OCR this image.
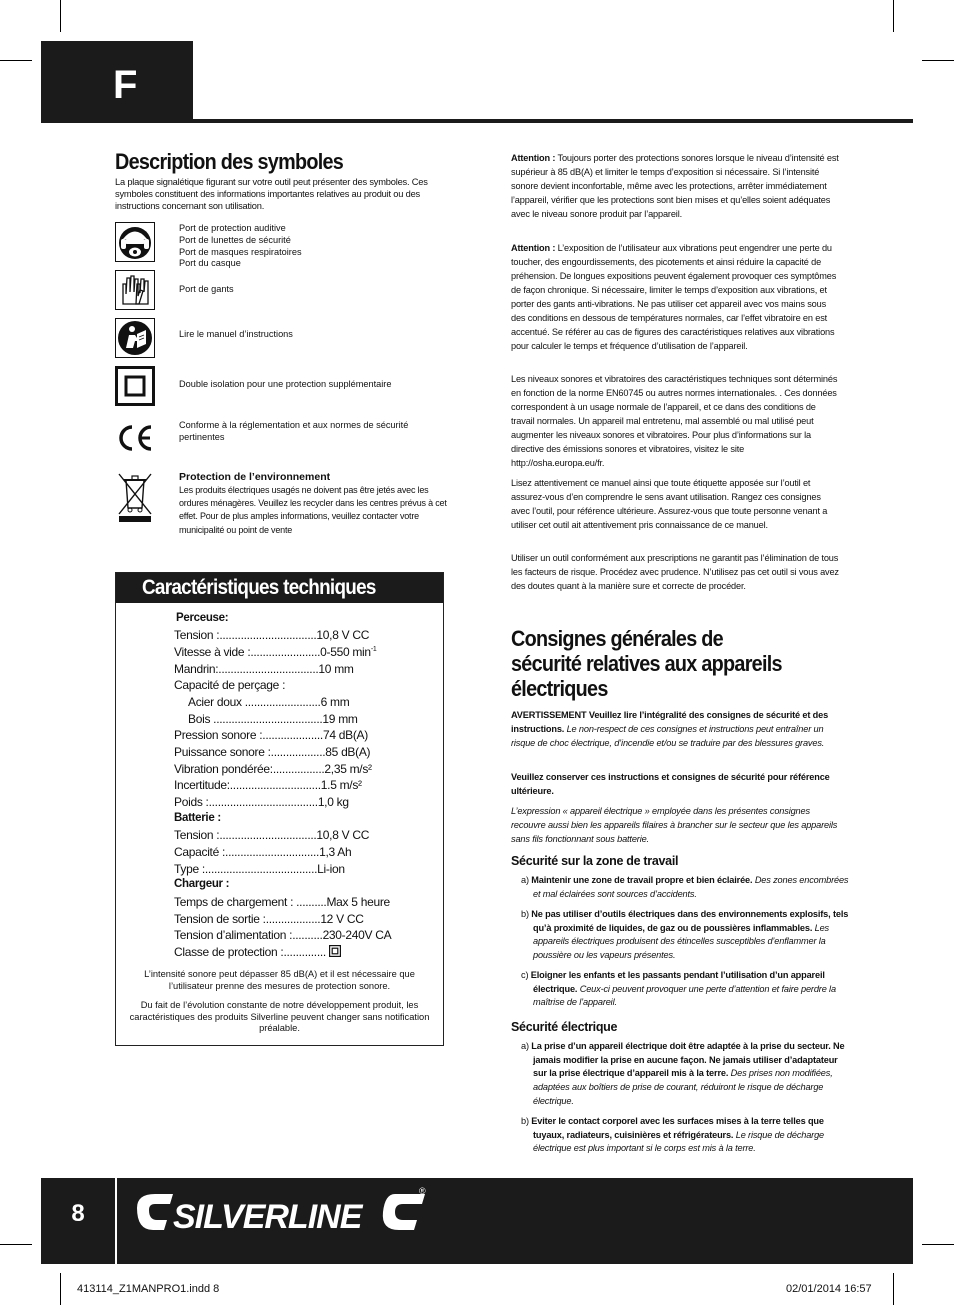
F
Description des symboles
La plaque signalétique figurant sur votre outil peut présenter des symboles. Ces symboles constituent des informations importantes relatives au produit ou des instructions concernant son utilisation.
Port de protection auditive
Port de lunettes de sécurité
Port de masques respiratoires
Port du casque
Port de gants
Lire le manuel d’instructions
Double isolation pour une protection supplémentaire
Conforme à la réglementation et aux normes de sécurité pertinentes
Protection de l’environnement
Les produits électriques usagés ne doivent pas être jetés avec les ordures ménagères. Veuillez les recycler dans les centres prévus à cet effet. Pour de plus amples informations, veuillez contacter votre municipalité ou point de vente
Caractéristiques techniques
Perceuse:
Tension :................................10,8 V CC
Vitesse à vide :.......................0-550 $\min^{-1}$
Mandrin:.................................10 mm
Capacité de perçage :
Acier doux .........................6 mm
Bois ....................................19 mm
Pression sonore :....................74 dB(A)
Puissance sonore :..................85 dB(A)
Vibration pondérée:.................2,35 m/s²
Incertitude:..............................1.5 m/s²
Poids :....................................1,0 kg
Batterie :
Tension :................................10,8 V CC
Capacité :...............................1,3 Ah
Type :.....................................Li-ion
Chargeur :
Temps de chargement : ..........Max 5 heure
Tension de sortie :..................12 V CC
Tension d’alimentation :..........230-240V CA
Classe de protection :..............
L’intensité sonore peut dépasser 85 dB(A) et il est nécessaire que l’utilisateur prenne des mesures de protection sonore.
Du fait de l’évolution constante de notre développement produit, les caractéristiques des produits Silverline peuvent changer sans notification préalable.
Attention : Toujours porter des protections sonores lorsque le niveau d’intensité est supérieur à 85 dB(A) et limiter le temps d’exposition si nécessaire. Si l’intensité sonore devient inconfortable, même avec les protections, arrêter immédiatement l’appareil, vérifier que les protections sont bien mises et qu’elles soient adéquates avec le niveau sonore produit par l’appareil.
Attention : L’exposition de l’utilisateur aux vibrations peut engendrer une perte du toucher, des engourdissements, des picotements et ainsi réduire la capacité de préhension. De longues expositions peuvent également provoquer ces symptômes de façon chronique. Si nécessaire, limiter le temps d’exposition aux vibrations, et porter des gants anti-vibrations. Ne pas utiliser cet appareil avec vos mains sous des conditions en dessous de températures normales, car l’effet vibratoire en est accentué. Se référer au cas de figures des caractéristiques relatives aux vibrations pour calculer le temps et fréquence d’utilisation de l’appareil.
Les niveaux sonores et vibratoires des caractéristiques techniques sont déterminés en fonction de la norme EN60745 ou autres normes internationales. . Ces données correspondent à un usage normale de l’appareil, et ce dans des conditions de travail normales. Un appareil mal entretenu, mal assemblé ou mal utilisé peut augmenter les niveaux sonores et vibratoires. Pour plus d’informations sur la directive des émissions sonores et vibratoires, visitez le site http://osha.europa.eu/fr.
Lisez attentivement ce manuel ainsi que toute étiquette apposée sur l’outil et assurez-vous d’en comprendre le sens avant utilisation. Rangez ces consignes avec l’outil, pour référence ultérieure. Assurez-vous que toute personne venant a utiliser cet outil ait attentivement pris connaissance de ce manuel.
Utiliser un outil conformément aux prescriptions ne garantit pas l’élimination de tous les facteurs de risque. Procédez avec prudence. N’utilisez pas cet outil si vous avez des doutes quant à la manière sure et correcte de procéder.
Consignes générales de
sécurité relatives aux appareils
électriques
AVERTISSEMENT Veuillez lire l’intégralité des consignes de sécurité et des instructions. Le non-respect de ces consignes et instructions peut entraîner un risque de choc électrique, d’incendie et/ou se traduire par des blessures graves.
Veuillez conserver ces instructions et consignes de sécurité pour référence ultérieure.
L’expression « appareil électrique » employée dans les présentes consignes recouvre aussi bien les appareils filaires à brancher sur le secteur que les appareils sans fils fonctionnant sous batterie.
Sécurité sur la zone de travail
a) Maintenir une zone de travail propre et bien éclairée. Des zones encombrées et mal éclairées sont sources d’accidents.
b) Ne pas utiliser d’outils électriques dans des environnements explosifs, tels qu’à proximité de liquides, de gaz ou de poussières inflammables. Les appareils électriques produisent des étincelles susceptibles d’enflammer la poussière ou les vapeurs présentes.
c) Eloigner les enfants et les passants pendant l’utilisation d’un appareil électrique. Ceux-ci peuvent provoquer une perte d’attention et faire perdre la maîtrise de l’appareil.
Sécurité électrique
a) La prise d’un appareil électrique doit être adaptée à la prise du secteur. Ne jamais modifier la prise en aucune façon. Ne jamais utiliser d’adaptateur sur la prise électrique d’appareil mis à la terre. Des prises non modifiées, adaptées aux boîtiers de prise de courant, réduiront le risque de décharge électrique.
b) Eviter le contact corporel avec les surfaces mises à la terre telles que tuyaux, radiateurs, cuisinières et réfrigérateurs. Le risque de décharge électrique est plus important si le corps est mis à la terre.
8	SILVERLINE
®
413114_Z1MANPRO1.indd 8	02/01/2014 16:57
